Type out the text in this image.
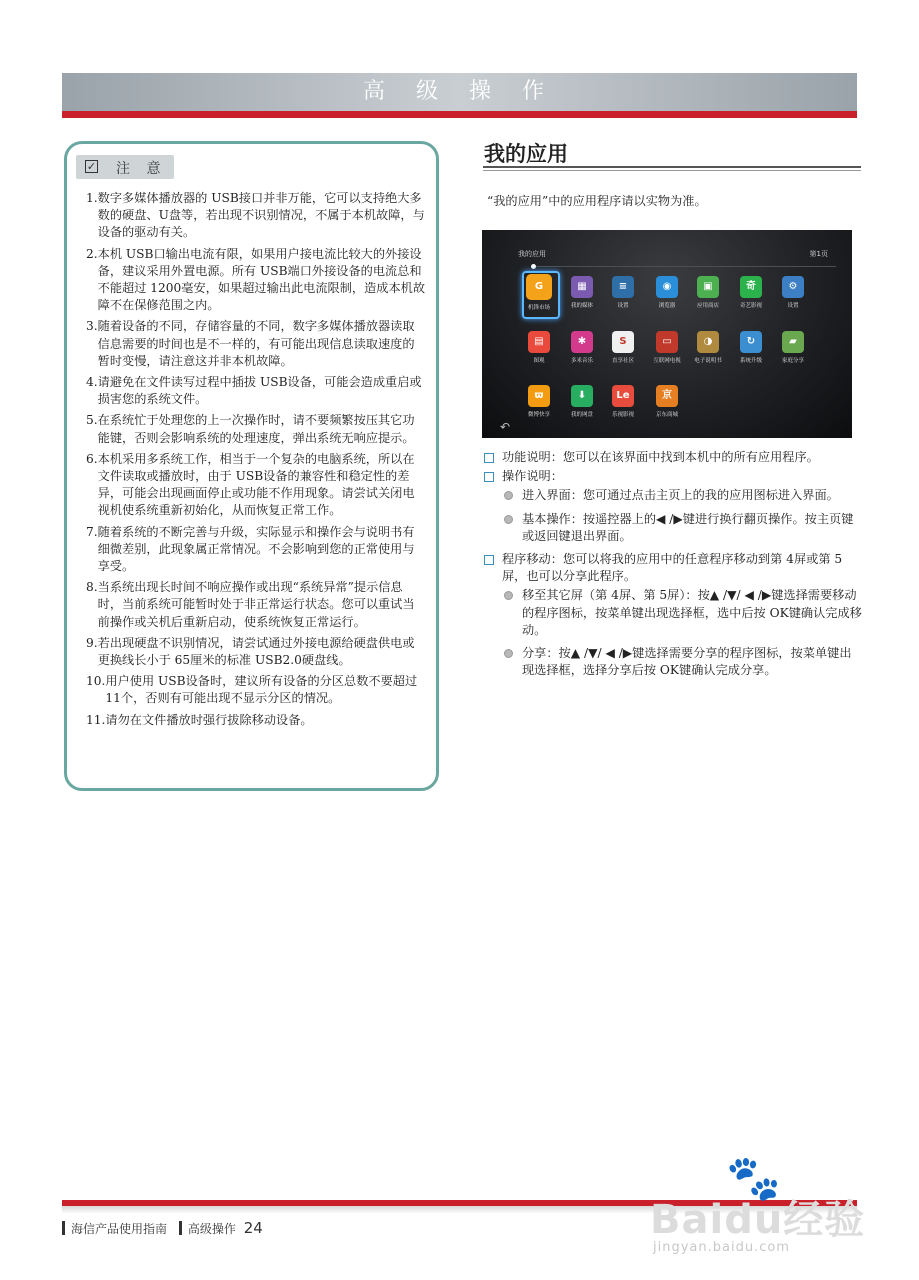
高 级 操 作
✓ 注 意
1. 数字多媒体播放器的 USB接口并非万能，它可以支持绝大多数的硬盘、U盘等，若出现不识别情况，不属于本机故障，与设备的驱动有关。
2. 本机 USB口输出电流有限，如果用户接电流比较大的外接设备，建议采用外置电源。所有 USB端口外接设备的电流总和不能超过 1200毫安，如果超过输出此电流限制，造成本机故障不在保修范围之内。
3. 随着设备的不同，存储容量的不同，数字多媒体播放器读取信息需要的时间也是不一样的，有可能出现信息读取速度的暂时变慢，请注意这并非本机故障。
4. 请避免在文件读写过程中插拔 USB设备，可能会造成重启或损害您的系统文件。
5. 在系统忙于处理您的上一次操作时，请不要频繁按压其它功能键，否则会影响系统的处理速度，弹出系统无响应提示。
6. 本机采用多系统工作，相当于一个复杂的电脑系统，所以在文件读取或播放时，由于 USB设备的兼容性和稳定性的差异，可能会出现画面停止或功能不作用现象。请尝试关闭电视机使系统重新初始化，从而恢复正常工作。
7. 随着系统的不断完善与升级，实际显示和操作会与说明书有细微差别，此现象属正常情况。不会影响到您的正常使用与享受。
8. 当系统出现长时间不响应操作或出现“系统异常”提示信息时，当前系统可能暂时处于非正常运行状态。您可以重试当前操作或关机后重新启动，使系统恢复正常运行。
9. 若出现硬盘不识别情况，请尝试通过外接电源给硬盘供电或更换线长小于 65厘米的标准 USB2.0硬盘线。
10. 用户使用 USB设备时，建议所有设备的分区总数不要超过 11个，否则有可能出现不显示分区的情况。
11. 请勿在文件播放时强行拔除移动设备。
我的应用
“我的应用”中的应用程序请以实物为准。
我的应用	第1页
↶
G
机锋市场
▦
我的媒体
≡
设置
◉
浏览器
▣
应用商店
奇
奇艺影视
⚙
设置
▤
图观
✱
多米音乐
S
直享社区
▭
互联网电视
◑
电子说明书
↻
系统升级
▰
家庭分享
ϖ
微博快享
⬇
我的网盘
Le
乐视影视
京
京东商城
功能说明：您可以在该界面中找到本机中的所有应用程序。
操作说明：
进入界面：您可通过点击主页上的我的应用图标进入界面。
基本操作：按遥控器上的◀ /▶键进行换行翻页操作。按主页键或返回键退出界面。
程序移动：您可以将我的应用中的任意程序移动到第 4屏或第 5屏，也可以分享此程序。
移至其它屏（第 4屏、第 5屏）：按▲ /▼/ ◀ /▶键选择需要移动的程序图标，按菜单键出现选择框，选中后按 OK键确认完成移动。
分享：按▲ /▼/ ◀ /▶键选择需要分享的程序图标，按菜单键出现选择框，选择分享后按 OK键确认完成分享。
海信产品使用指南 高级操作 24
🐾
Baidu经验
jingyan.baidu.com
